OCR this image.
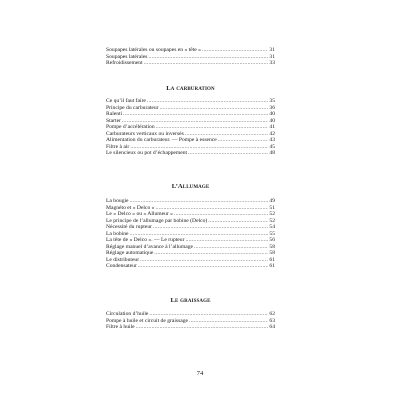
Soupapes latérales ou soupapes en « tête » .....	31
Soupapes latérales .....	31
Refroidissement .....	33
La carburation
Ce qu’il faut faire .....	35
Principe du carburateur .....	36
Ralenti .....	40
Starter .....	40
Pompe d’accélération .....	41
Carburateurs verticaux ou inversés .....	42
Alimentation du carburateur. — Pompe à essence .....	43
Filtre à air .....	45
Le silencieux ou pot d’échappement .....	48
L’Allumage
La bougie .....	49
Magnéto et « Delco » .....	51
Le « Delco » ou « Allumeur » .....	52
Le principe de l’allumage par bobine (Delco) .....	52
Nécessité du rupteur .....	54
La bobine .....	55
La tête de « Delco ». — Le rupteur .....	56
Réglage manuel d’avance à l’allumage .....	58
Réglage automatique .....	58
Le distributeur .....	61
Condensateur .....	61
Le graissage
Circulation d’huile .....	62
Pompe à huile et circuit de graissage .....	63
Filtre à huile .....	64
74
